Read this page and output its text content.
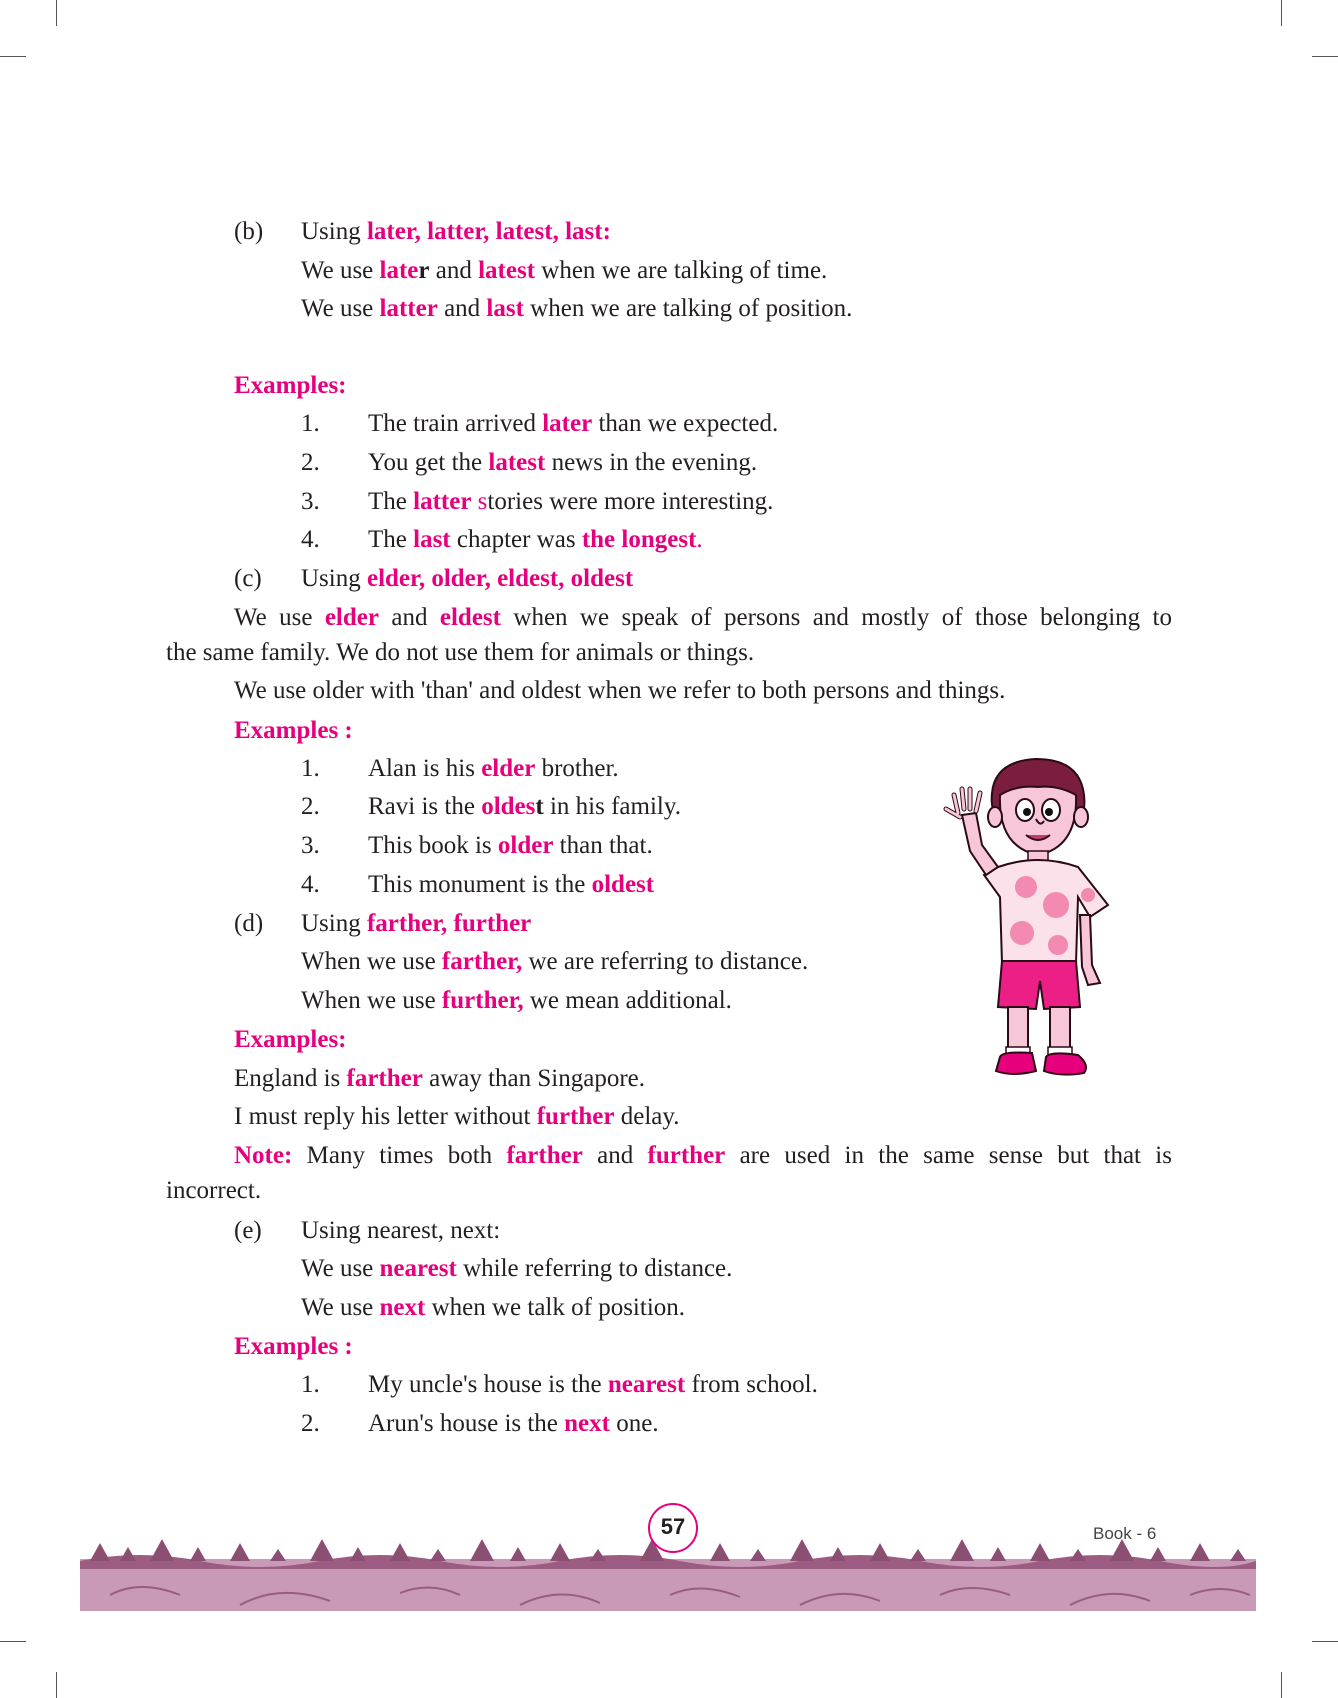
(b) Using later, latter, latest, last:
We use later and latest when we are talking of time.
We use latter and last when we are talking of position.
Examples:
1. The train arrived later than we expected.
2. You get the latest news in the evening.
3. The latter stories were more interesting.
4. The last chapter was the longest.
(c) Using elder, older, eldest, oldest
We use elder and eldest when we speak of persons and mostly of those belonging to
the same family. We do not use them for animals or things.
We use older with 'than' and oldest when we refer to both persons and things.
Examples :
1. Alan is his elder brother.
2. Ravi is the oldest in his family.
3. This book is older than that.
4. This monument is the oldest
(d) Using farther, further
When we use farther, we are referring to distance.
When we use further, we mean additional.
Examples:
England is farther away than Singapore.
I must reply his letter without further delay.
Note: Many times both farther and further are used in the same sense but that is
incorrect.
(e) Using nearest, next:
We use nearest while referring to distance.
We use next when we talk of position.
Examples :
1. My uncle's house is the nearest from school.
2. Arun's house is the next one.
57	Book - 6
